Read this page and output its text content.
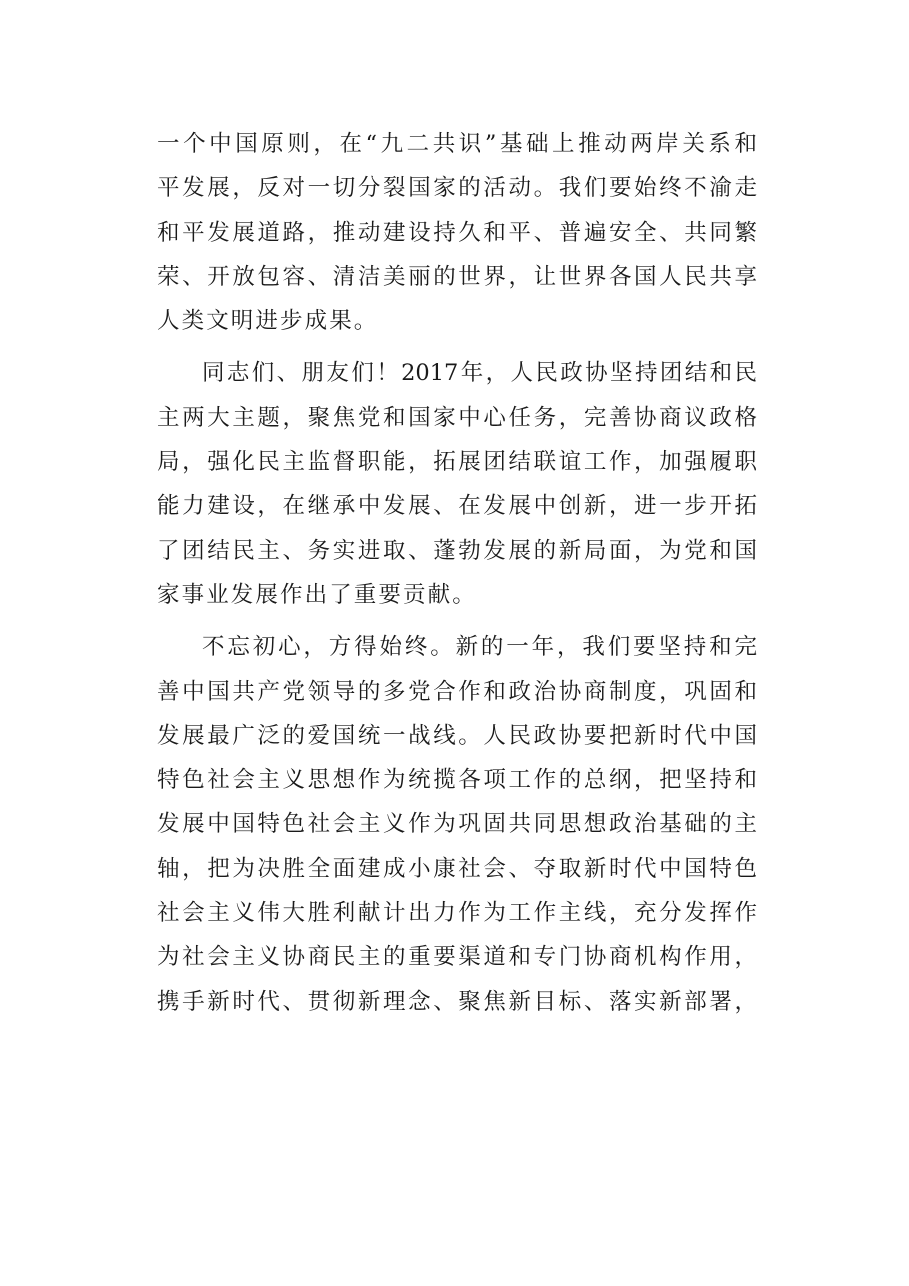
一个中国原则，在“九二共识”基础上推动两岸关系和
平发展，反对一切分裂国家的活动。我们要始终不渝走
和平发展道路，推动建设持久和平、普遍安全、共同繁
荣、开放包容、清洁美丽的世界，让世界各国人民共享
人类文明进步成果。
同志们、朋友们！2017年，人民政协坚持团结和民
主两大主题，聚焦党和国家中心任务，完善协商议政格
局，强化民主监督职能，拓展团结联谊工作，加强履职
能力建设，在继承中发展、在发展中创新，进一步开拓
了团结民主、务实进取、蓬勃发展的新局面，为党和国
家事业发展作出了重要贡献。
不忘初心，方得始终。新的一年，我们要坚持和完
善中国共产党领导的多党合作和政治协商制度，巩固和
发展最广泛的爱国统一战线。人民政协要把新时代中国
特色社会主义思想作为统揽各项工作的总纲，把坚持和
发展中国特色社会主义作为巩固共同思想政治基础的主
轴，把为决胜全面建成小康社会、夺取新时代中国特色
社会主义伟大胜利献计出力作为工作主线，充分发挥作
为社会主义协商民主的重要渠道和专门协商机构作用，
携手新时代、贯彻新理念、聚焦新目标、落实新部署，
